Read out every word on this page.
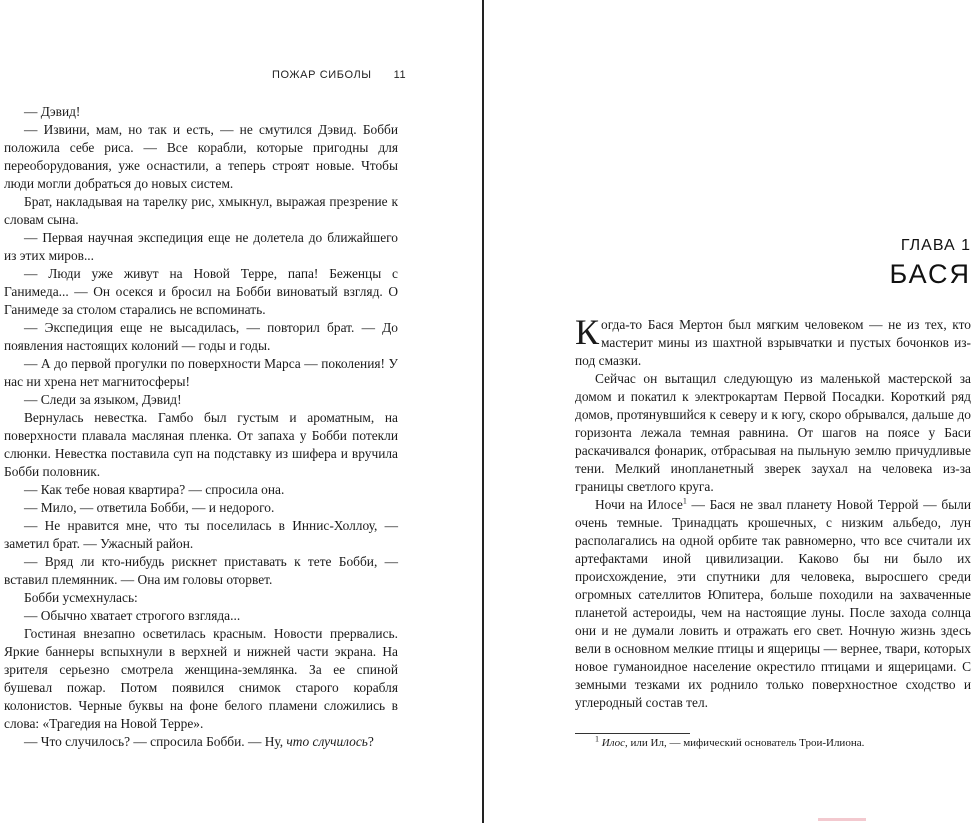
ПОЖАР СИБОЛЫ 11

— Дэвид!

— Извини, мам, но так и есть, — не смутился Дэвид. Бобби положила себе риса. — Все корабли, которые пригодны для переоборудования, уже оснастили, а теперь строят новые. Чтобы люди могли добраться до новых систем.

Брат, накладывая на тарелку рис, хмыкнул, выражая презрение к словам сына.

— Первая научная экспедиция еще не долетела до ближайшего из этих миров...

— Люди уже живут на Новой Терре, папа! Беженцы с Ганимеда... — Он осекся и бросил на Бобби виноватый взгляд. О Ганимеде за столом старались не вспоминать.

— Экспедиция еще не высадилась, — повторил брат. — До появления настоящих колоний — годы и годы.

— А до первой прогулки по поверхности Марса — поколения! У нас ни хрена нет магнитосферы!

— Следи за языком, Дэвид!

Вернулась невестка. Гамбо был густым и ароматным, на поверхности плавала масляная пленка. От запаха у Бобби потекли слюнки. Невестка поставила суп на подставку из шифера и вручила Бобби половник.

— Как тебе новая квартира? — спросила она.

— Мило, — ответила Бобби, — и недорого.

— Не нравится мне, что ты поселилась в Иннис-Холлоу, — заметил брат. — Ужасный район.

— Вряд ли кто-нибудь рискнет приставать к тете Бобби, — вставил племянник. — Она им головы оторвет.

Бобби усмехнулась:

— Обычно хватает строгого взгляда...

Гостиная внезапно осветилась красным. Новости прервались. Яркие баннеры вспыхнули в верхней и нижней части экрана. На зрителя серьезно смотрела женщина-землянка. За ее спиной бушевал пожар. Потом появился снимок старого корабля колонистов. Черные буквы на фоне белого пламени сложились в слова: «Трагедия на Новой Терре».

— Что случилось? — спросила Бобби. — Ну, что случилось?

ГЛАВА 1
БАСЯ

Когда-то Бася Мертон был мягким человеком — не из тех, кто мастерит мины из шахтной взрывчатки и пустых бочонков из-под смазки.

Сейчас он вытащил следующую из маленькой мастерской за домом и покатил к электрокартам Первой Посадки. Короткий ряд домов, протянувшийся к северу и к югу, скоро обрывался, дальше до горизонта лежала темная равнина. От шагов на поясе у Баси раскачивался фонарик, отбрасывая на пыльную землю причудливые тени. Мелкий инопланетный зверек заухал на человека из-за границы светлого круга.

Ночи на Илосе$^1$ — Бася не звал планету Новой Террой — были очень темные. Тринадцать крошечных, с низким альбедо, лун располагались на одной орбите так равномерно, что все считали их артефактами иной цивилизации. Каково бы ни было их происхождение, эти спутники для человека, выросшего среди огромных сателлитов Юпитера, больше походили на захваченные планетой астероиды, чем на настоящие луны. После захода солнца они и не думали ловить и отражать его свет. Ночную жизнь здесь вели в основном мелкие птицы и ящерицы — вернее, твари, которых новое гуманоидное население окрестило птицами и ящерицами. С земными тезками их роднило только поверхностное сходство и углеродный состав тел.

$^1$ Илос, или Ил, — мифический основатель Трои-Илиона.
